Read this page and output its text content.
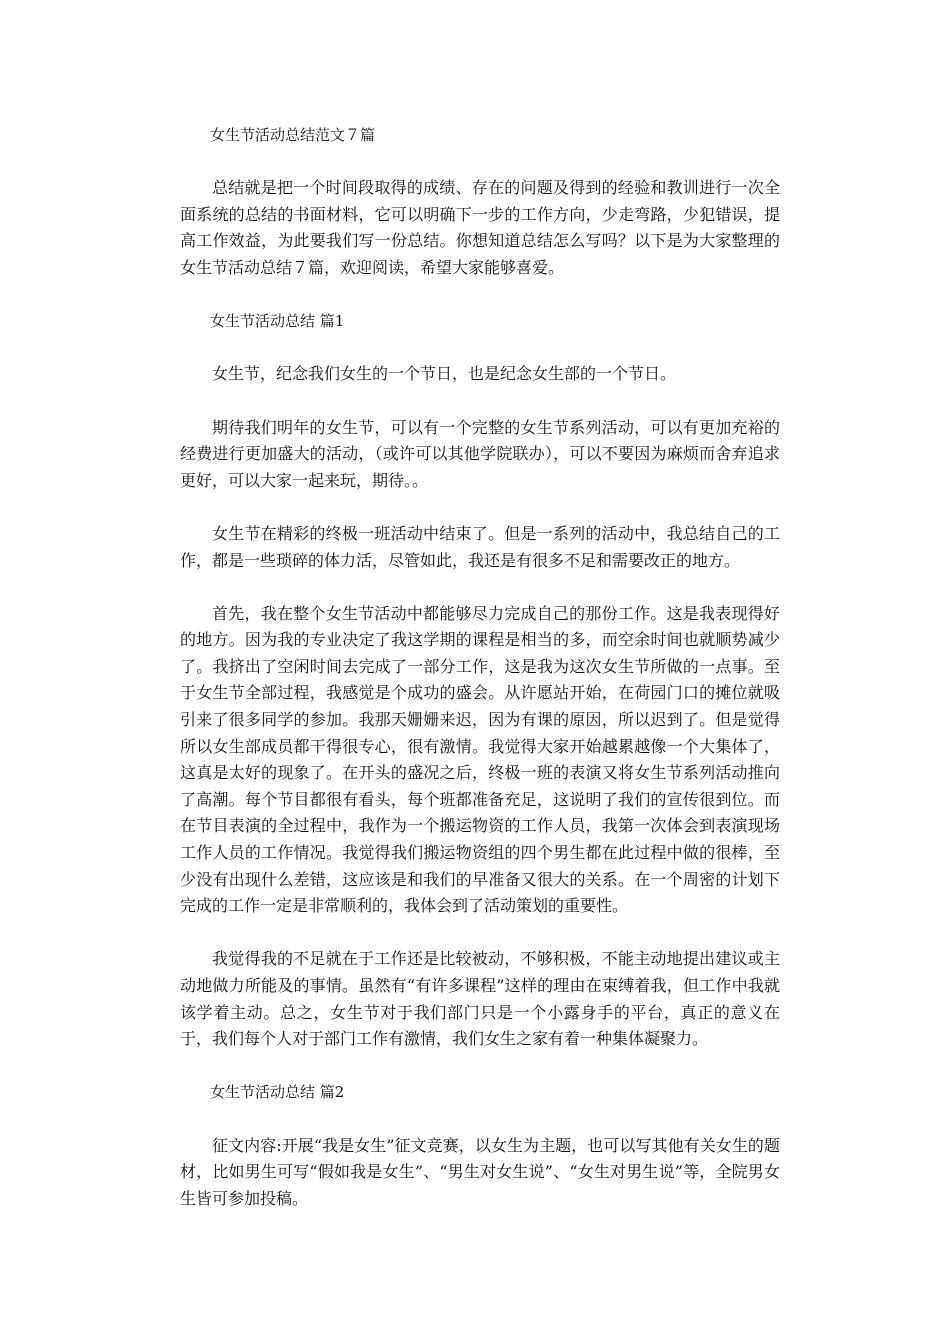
女生节活动总结范文７篇

总结就是把一个时间段取得的成绩、存在的问题及得到的经验和教训进行一次全面系统的总结的书面材料，它可以明确下一步的工作方向，少走弯路，少犯错误，提高工作效益，为此要我们写一份总结。你想知道总结怎么写吗？以下是为大家整理的女生节活动总结７篇，欢迎阅读，希望大家能够喜爱。

女生节活动总结 篇1

女生节，纪念我们女生的一个节日，也是纪念女生部的一个节日。

期待我们明年的女生节，可以有一个完整的女生节系列活动，可以有更加充裕的经费进行更加盛大的活动，（或许可以其他学院联办），可以不要因为麻烦而舍弃追求更好，可以大家一起来玩，期待。。

女生节在精彩的终极一班活动中结束了。但是一系列的活动中，我总结自己的工作，都是一些琐碎的体力活，尽管如此，我还是有很多不足和需要改正的地方。

首先，我在整个女生节活动中都能够尽力完成自己的那份工作。这是我表现得好的地方。因为我的专业决定了我这学期的课程是相当的多，而空余时间也就顺势减少了。我挤出了空闲时间去完成了一部分工作，这是我为这次女生节所做的一点事。至于女生节全部过程，我感觉是个成功的盛会。从许愿站开始，在荷园门口的摊位就吸引来了很多同学的参加。我那天姗姗来迟，因为有课的原因，所以迟到了。但是觉得所以女生部成员都干得很专心，很有激情。我觉得大家开始越累越像一个大集体了，这真是太好的现象了。在开头的盛况之后，终极一班的表演又将女生节系列活动推向了高潮。每个节目都很有看头，每个班都准备充足，这说明了我们的宣传很到位。而在节目表演的全过程中，我作为一个搬运物资的工作人员，我第一次体会到表演现场工作人员的工作情况。我觉得我们搬运物资组的四个男生都在此过程中做的很棒，至少没有出现什么差错，这应该是和我们的早准备又很大的关系。在一个周密的计划下完成的工作一定是非常顺利的，我体会到了活动策划的重要性。

我觉得我的不足就在于工作还是比较被动，不够积极，不能主动地提出建议或主动地做力所能及的事情。虽然有“有许多课程”这样的理由在束缚着我，但工作中我就该学着主动。总之，女生节对于我们部门只是一个小露身手的平台，真正的意义在于，我们每个人对于部门工作有激情，我们女生之家有着一种集体凝聚力。

女生节活动总结 篇2

征文内容:开展“我是女生”征文竞赛，以女生为主题，也可以写其他有关女生的题材，比如男生可写“假如我是女生”、“男生对女生说”、“女生对男生说”等，全院男女生皆可参加投稿。
